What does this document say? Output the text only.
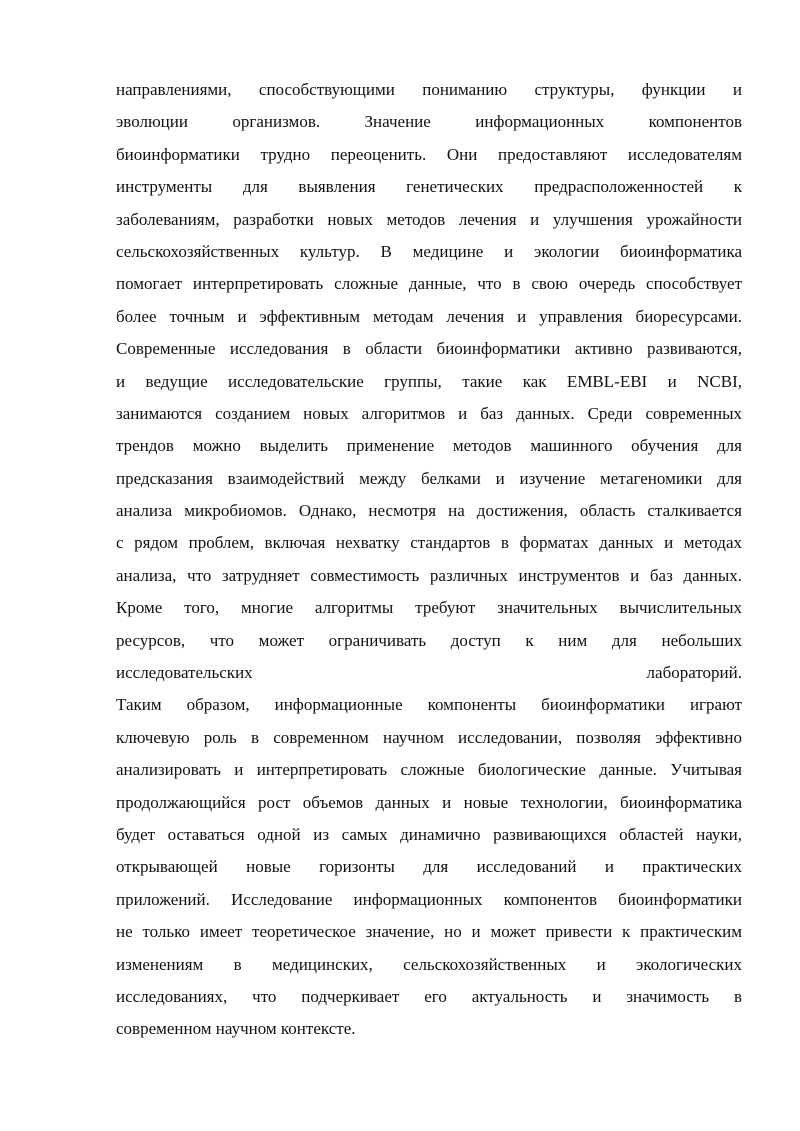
направлениями, способствующими пониманию структуры, функции и
эволюции организмов. Значение информационных компонентов
биоинформатики трудно переоценить. Они предоставляют исследователям
инструменты для выявления генетических предрасположенностей к
заболеваниям, разработки новых методов лечения и улучшения урожайности
сельскохозяйственных культур. В медицине и экологии биоинформатика
помогает интерпретировать сложные данные, что в свою очередь способствует
более точным и эффективным методам лечения и управления биоресурсами.
Современные исследования в области биоинформатики активно развиваются,
и ведущие исследовательские группы, такие как EMBL-EBI и NCBI,
занимаются созданием новых алгоритмов и баз данных. Среди современных
трендов можно выделить применение методов машинного обучения для
предсказания взаимодействий между белками и изучение метагеномики для
анализа микробиомов. Однако, несмотря на достижения, область сталкивается
с рядом проблем, включая нехватку стандартов в форматах данных и методах
анализа, что затрудняет совместимость различных инструментов и баз данных.
Кроме того, многие алгоритмы требуют значительных вычислительных
ресурсов, что может ограничивать доступ к ним для небольших
исследовательских лабораторий.
Таким образом, информационные компоненты биоинформатики играют
ключевую роль в современном научном исследовании, позволяя эффективно
анализировать и интерпретировать сложные биологические данные. Учитывая
продолжающийся рост объемов данных и новые технологии, биоинформатика
будет оставаться одной из самых динамично развивающихся областей науки,
открывающей новые горизонты для исследований и практических
приложений. Исследование информационных компонентов биоинформатики
не только имеет теоретическое значение, но и может привести к практическим
изменениям в медицинских, сельскохозяйственных и экологических
исследованиях, что подчеркивает его актуальность и значимость в
современном научном контексте.
